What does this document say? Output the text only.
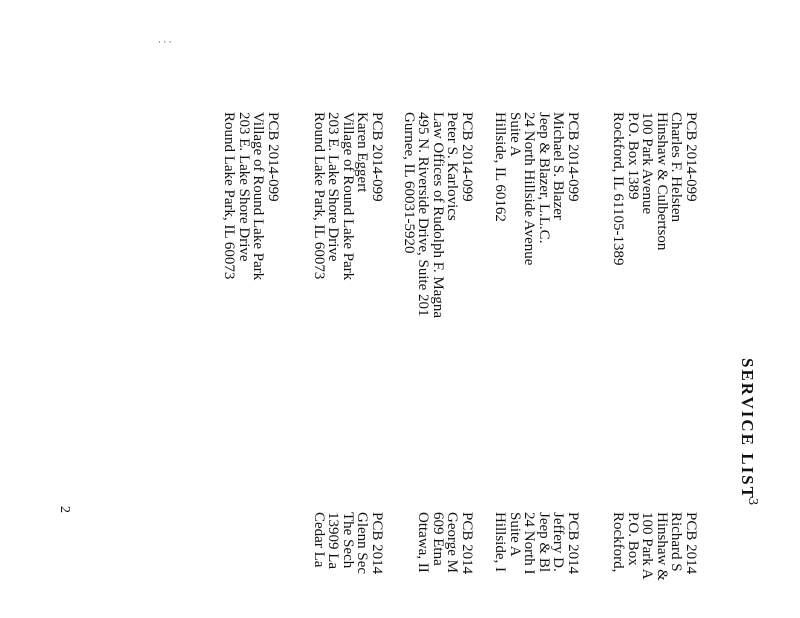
· · ·
SERVICE LIST
3
2
PCB 2014-099
Charles F. Helsten
Hinshaw & Culbertson
100 Park Avenue
P.O. Box 1389
Rockford, IL 61105-1389
PCB 2014-099
Michael S. Blazer
Jeep & Blazer, L.L.C.
24 North Hillside Avenue
Suite A
Hillside, IL 60162
PCB 2014-099
Peter S. Karlovics
Law Offices of Rudolph F. Magna
495 N. Riverside Drive, Suite 201
Gurnee, IL 60031-5920
PCB 2014-099
Karen Eggert
Village of Round Lake Park
203 E. Lake Shore Drive
Round Lake Park, IL 60073
PCB 2014-099
Village of Round Lake Park
203 E. Lake Shore Drive
Round Lake Park, IL 60073
PCB 2014
Richard S
Hinshaw &
100 Park A
P.O. Box
Rockford,
PCB 2014
Jeffery D.
Jeep & Bl
24 North I
Suite A
Hillside, I
PCB 2014
George M
609 Etna
Ottawa, II
PCB 2014
Glenn Sec
The Sech
13909 La
Cedar La
